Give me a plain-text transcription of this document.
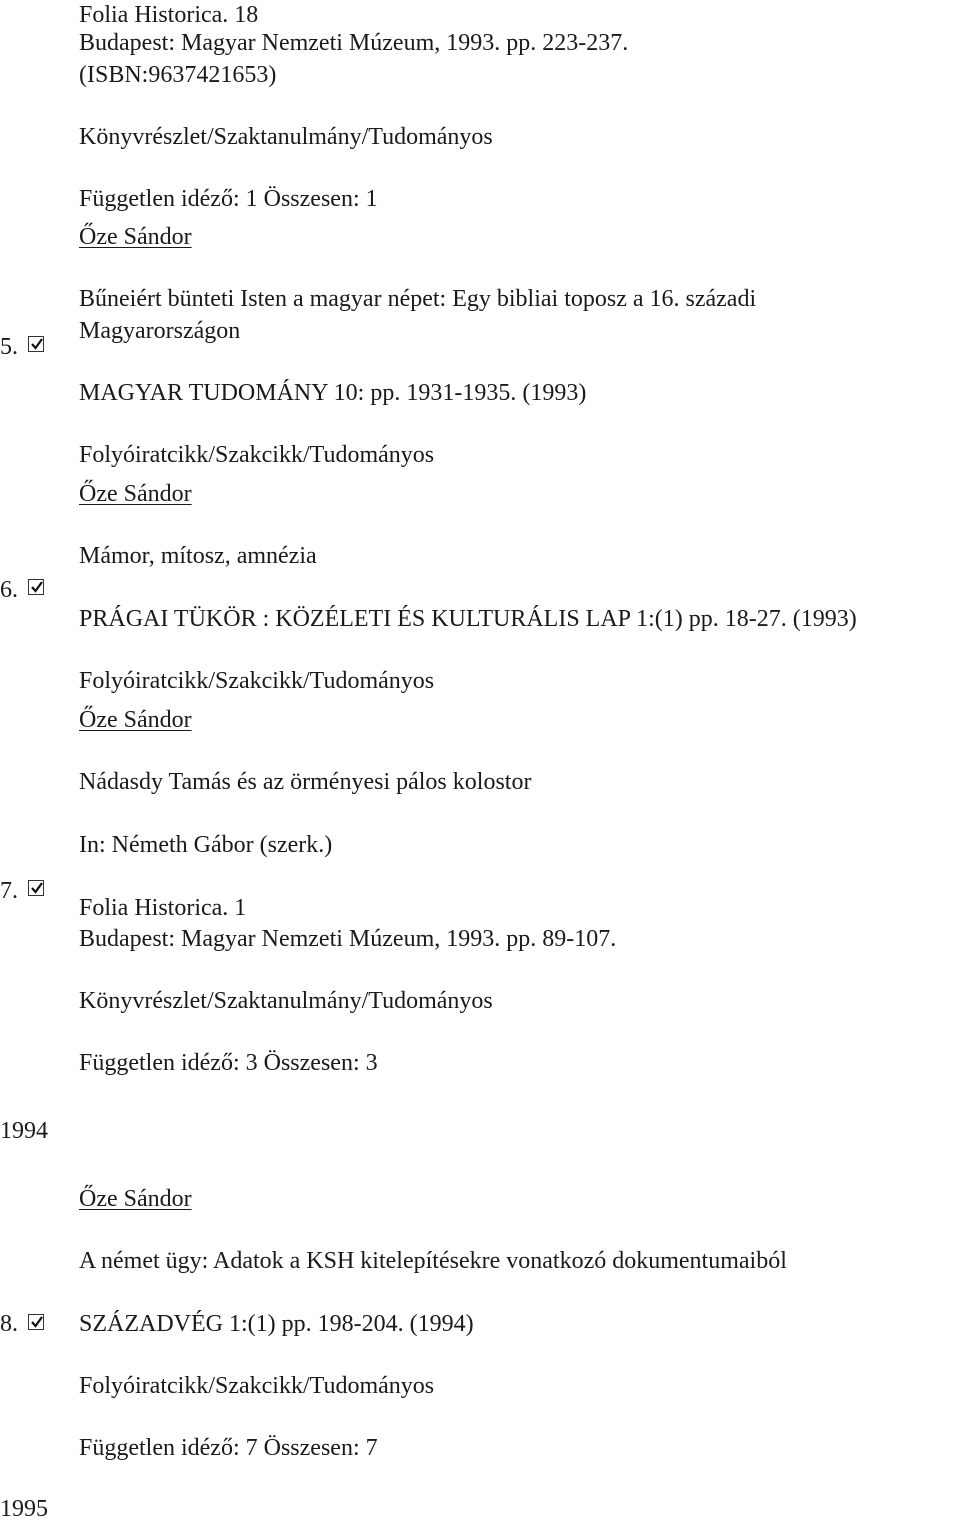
Folia Historica. 18
Budapest: Magyar Nemzeti Múzeum, 1993. pp. 223-237.
(ISBN:9637421653)
Könyvrészlet/Szaktanulmány/Tudományos
Független idéző: 1 Összesen: 1
Őze Sándor
Bűneiért bünteti Isten a magyar népet: Egy bibliai toposz a 16. századi
Magyarországon
5.
MAGYAR TUDOMÁNY 10: pp. 1931-1935. (1993)
Folyóiratcikk/Szakcikk/Tudományos
Őze Sándor
Mámor, mítosz, amnézia
6.
PRÁGAI TÜKÖR : KÖZÉLETI ÉS KULTURÁLIS LAP 1:(1) pp. 18-27. (1993)
Folyóiratcikk/Szakcikk/Tudományos
Őze Sándor
Nádasdy Tamás és az örményesi pálos kolostor
In: Németh Gábor (szerk.)
7.
Folia Historica. 1
Budapest: Magyar Nemzeti Múzeum, 1993. pp. 89-107.
Könyvrészlet/Szaktanulmány/Tudományos
Független idéző: 3 Összesen: 3
1994
Őze Sándor
A német ügy: Adatok a KSH kitelepítésekre vonatkozó dokumentumaiból
8.	SZÁZADVÉG 1:(1) pp. 198-204. (1994)
Folyóiratcikk/Szakcikk/Tudományos
Független idéző: 7 Összesen: 7
1995
